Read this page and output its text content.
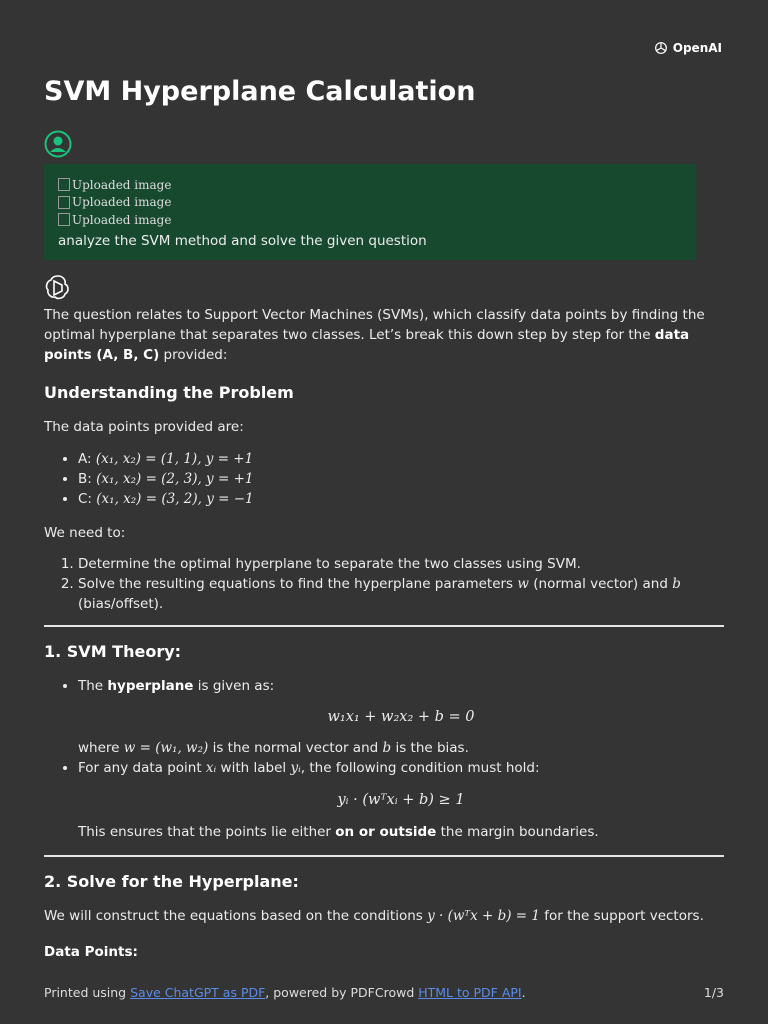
OpenAI
SVM Hyperplane Calculation
Uploaded image
Uploaded image
Uploaded image
analyze the SVM method and solve the given question

The question relates to Support Vector Machines (SVMs), which classify data points by finding the optimal hyperplane that separates two classes. Let’s break this down step by step for the data points (A, B, C) provided:

Understanding the Problem

The data points provided are:

• A: (x₁, x₂) = (1, 1), y = +1
• B: (x₁, x₂) = (2, 3), y = +1
• C: (x₁, x₂) = (3, 2), y = −1

We need to:

1. Determine the optimal hyperplane to separate the two classes using SVM.
2. Solve the resulting equations to find the hyperplane parameters w (normal vector) and b (bias/offset).
1. SVM Theory:
• The hyperplane is given as:
w₁x₁ + w₂x₂ + b = 0
where w = (w₁, w₂) is the normal vector and b is the bias.
• For any data point xᵢ with label yᵢ, the following condition must hold:
yᵢ · (wᵀxᵢ + b) ≥ 1
This ensures that the points lie either on or outside the margin boundaries.
2. Solve for the Hyperplane:

We will construct the equations based on the conditions y · (wᵀx + b) = 1 for the support vectors.

Data Points:

Printed using Save ChatGPT as PDF, powered by PDFCrowd HTML to PDF API.	1/3
